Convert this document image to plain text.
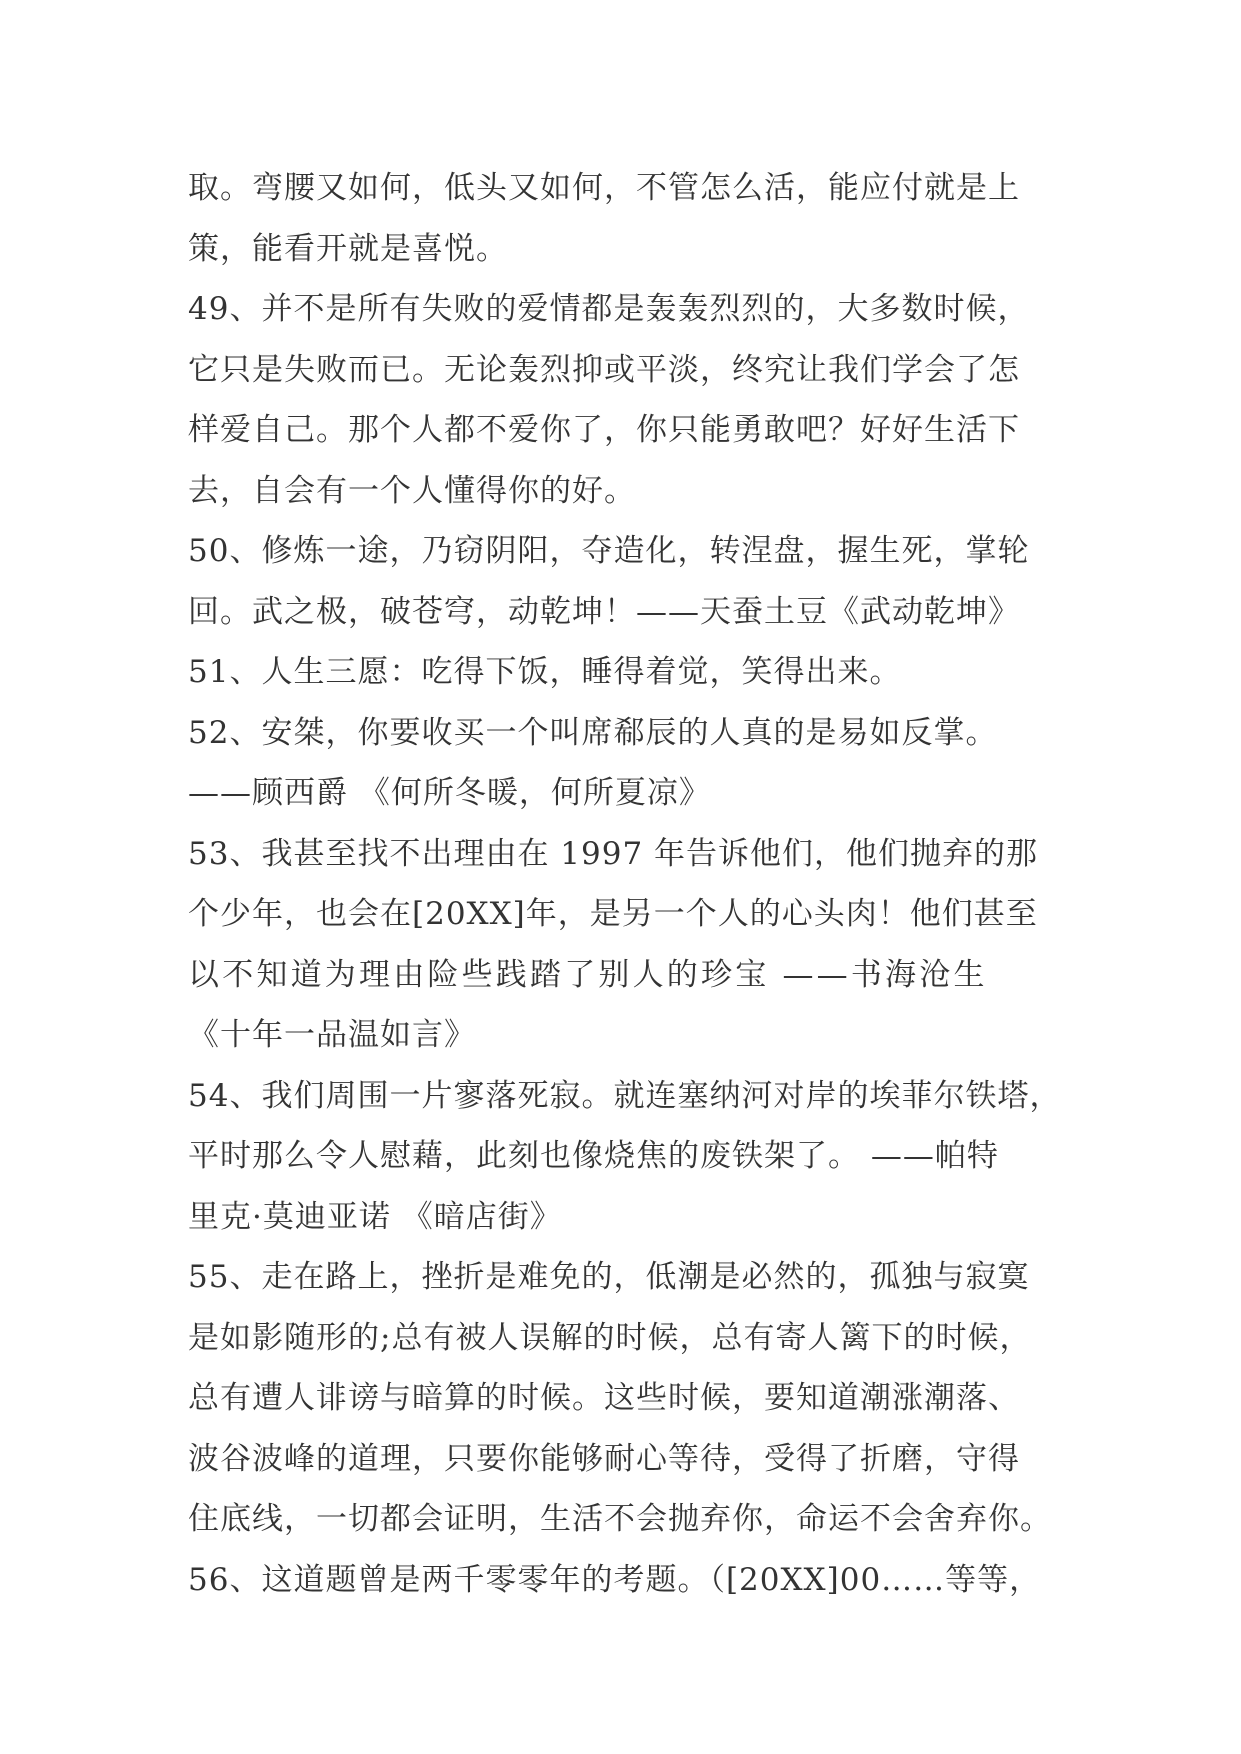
取。弯腰又如何，低头又如何，不管怎么活，能应付就是上
策，能看开就是喜悦。
49、并不是所有失败的爱情都是轰轰烈烈的，大多数时候，
它只是失败而已。无论轰烈抑或平淡，终究让我们学会了怎
样爱自己。那个人都不爱你了，你只能勇敢吧？好好生活下
去，自会有一个人懂得你的好。
50、修炼一途，乃窃阴阳，夺造化，转涅盘，握生死，掌轮
回。武之极，破苍穹，动乾坤！——天蚕土豆《武动乾坤》
51、人生三愿：吃得下饭，睡得着觉，笑得出来。
52、安桀，你要收买一个叫席郗辰的人真的是易如反掌。
——顾西爵 《何所冬暖，何所夏凉》
53、我甚至找不出理由在 1997 年告诉他们，他们抛弃的那
个少年，也会在[20XX]年，是另一个人的心头肉！他们甚至
以不知道为理由险些践踏了别人的珍宝 ——书海沧生
《十年一品温如言》
54、我们周围一片寥落死寂。就连塞纳河对岸的埃菲尔铁塔，
平时那么令人慰藉，此刻也像烧焦的废铁架了。 ——帕特
里克·莫迪亚诺 《暗店街》
55、走在路上，挫折是难免的，低潮是必然的，孤独与寂寞
是如影随形的;总有被人误解的时候，总有寄人篱下的时候，
总有遭人诽谤与暗算的时候。这些时候，要知道潮涨潮落、
波谷波峰的道理，只要你能够耐心等待，受得了折磨，守得
住底线，一切都会证明，生活不会抛弃你，命运不会舍弃你。
56、这道题曾是两千零零年的考题。（[20XX]00……等等，
